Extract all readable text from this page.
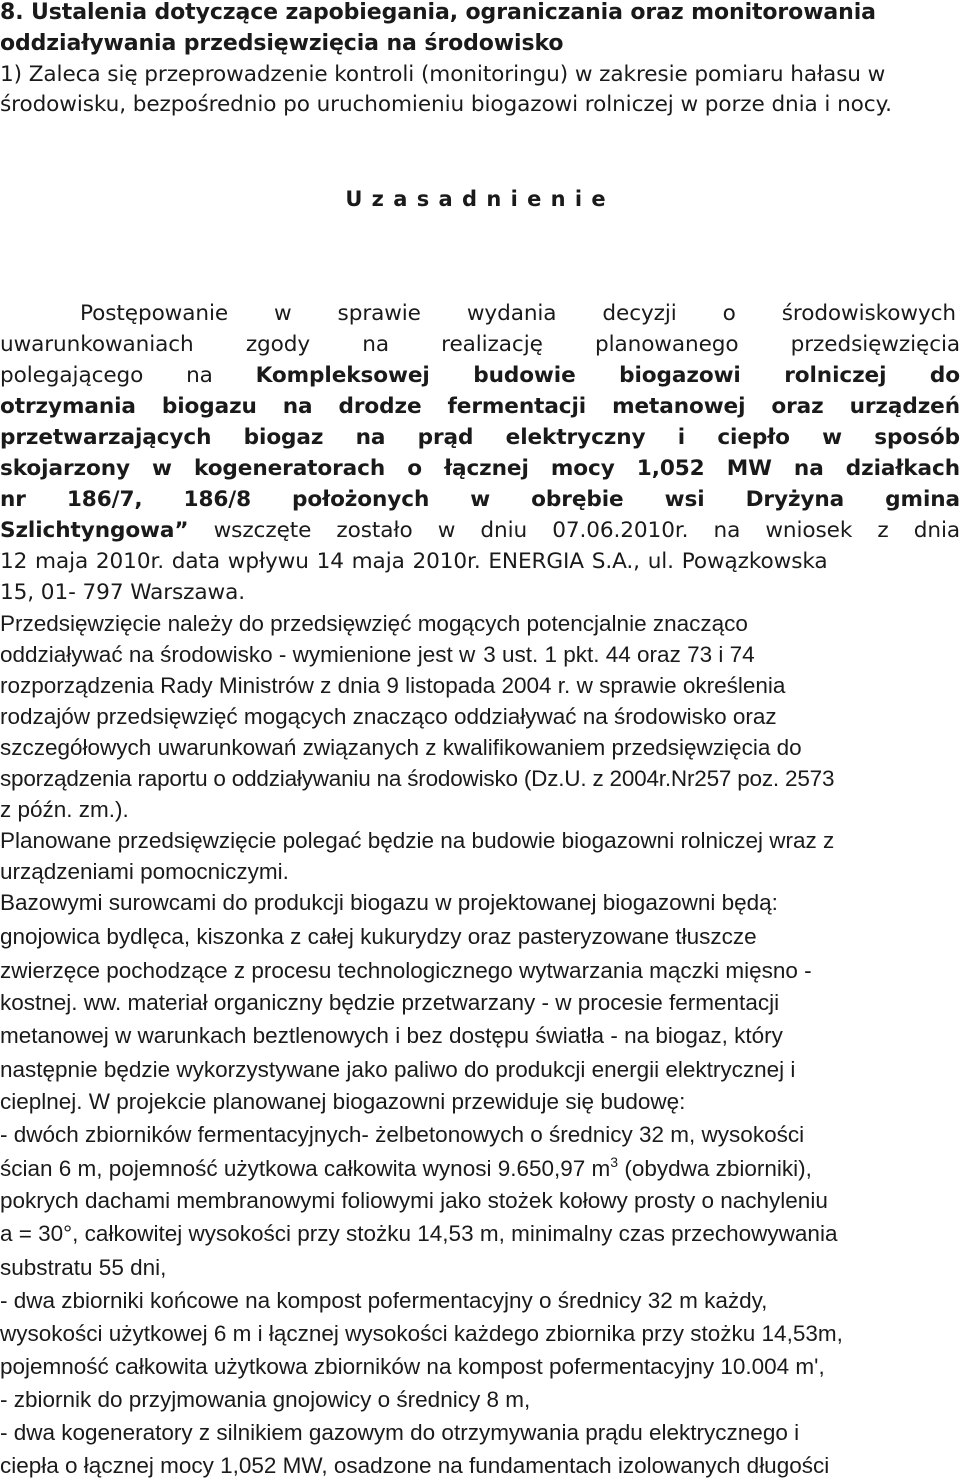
8. Ustalenia dotyczące zapobiegania, ograniczania oraz monitorowania
oddziaływania przedsięwzięcia na środowisko
1) Zaleca się przeprowadzenie kontroli (monitoringu) w zakresie pomiaru hałasu w
środowisku, bezpośrednio po uruchomieniu biogazowi rolniczej w porze dnia i nocy.
U z a s a d n i e n i e
Postępowanie w sprawie wydania decyzji o środowiskowych
uwarunkowaniach zgody na realizację planowanego przedsięwzięcia
polegającego na Kompleksowej budowie biogazowi rolniczej do
otrzymania biogazu na drodze fermentacji metanowej oraz urządzeń
przetwarzających biogaz na prąd elektryczny i ciepło w sposób
skojarzony w kogeneratorach o łącznej mocy 1,052 MW na działkach
nr 186/7, 186/8 położonych w obrębie wsi Dryżyna gmina
Szlichtyngowa” wszczęte zostało w dniu 07.06.2010r. na wniosek z dnia
12 maja 2010r. data wpływu 14 maja 2010r. ENERGIA S.A., ul. Powązkowska
15, 01- 797 Warszawa.
Przedsięwzięcie należy do przedsięwzięć mogących potencjalnie znacząco
oddziaływać na środowisko - wymienione jest w 3 ust. 1 pkt. 44 oraz 73 i 74
rozporządzenia Rady Ministrów z dnia 9 listopada 2004 r. w sprawie określenia
rodzajów przedsięwzięć mogących znacząco oddziaływać na środowisko oraz
szczegółowych uwarunkowań związanych z kwalifikowaniem przedsięwzięcia do
sporządzenia raportu o oddziaływaniu na środowisko (Dz.U. z 2004r.Nr257 poz. 2573
z późn. zm.).
Planowane przedsięwzięcie polegać będzie na budowie biogazowni rolniczej wraz z
urządzeniami pomocniczymi.
Bazowymi surowcami do produkcji biogazu w projektowanej biogazowni będą:
gnojowica bydlęca, kiszonka z całej kukurydzy oraz pasteryzowane tłuszcze
zwierzęce pochodzące z procesu technologicznego wytwarzania mączki mięsno -
kostnej. ww. materiał organiczny będzie przetwarzany - w procesie fermentacji
metanowej w warunkach beztlenowych i bez dostępu światła - na biogaz, który
następnie będzie wykorzystywane jako paliwo do produkcji energii elektrycznej i
cieplnej. W projekcie planowanej biogazowni przewiduje się budowę:
- dwóch zbiorników fermentacyjnych- żelbetonowych o średnicy 32 m, wysokości
ścian 6 m, pojemność użytkowa całkowita wynosi 9.650,97 $m^3$ (obydwa zbiorniki),
pokrych dachami membranowymi foliowymi jako stożek kołowy prosty o nachyleniu
a = 30°, całkowitej wysokości przy stożku 14,53 m, minimalny czas przechowywania
substratu 55 dni,
- dwa zbiorniki końcowe na kompost pofermentacyjny o średnicy 32 m każdy,
wysokości użytkowej 6 m i łącznej wysokości każdego zbiornika przy stożku 14,53m,
pojemność całkowita użytkowa zbiorników na kompost pofermentacyjny 10.004 m',
- zbiornik do przyjmowania gnojowicy o średnicy 8 m,
- dwa kogeneratory z silnikiem gazowym do otrzymywania prądu elektrycznego i
ciepła o łącznej mocy 1,052 MW, osadzone na fundamentach izolowanych długości
